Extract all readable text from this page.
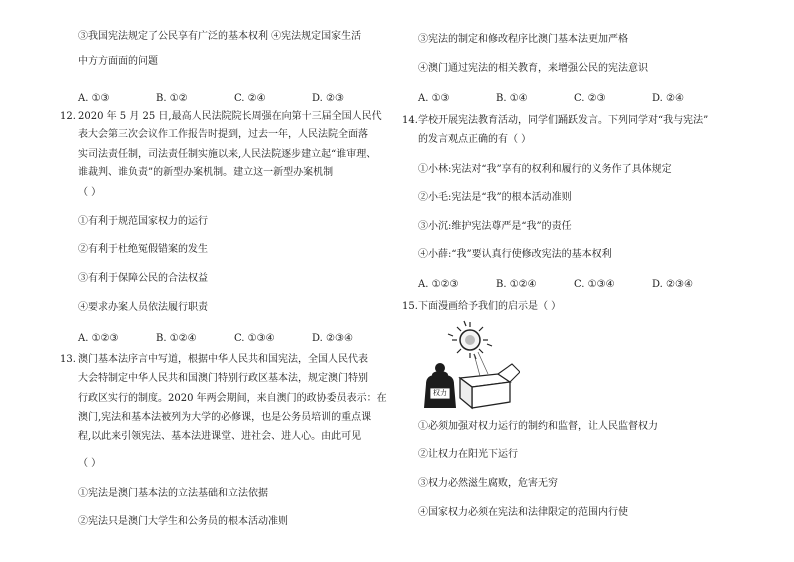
③我国宪法规定了公民享有广泛的基本权利 ④宪法规定国家生活
中方方面面的问题
A. ①③	B. ①②	C. ②④	D. ②③
12. 2020 年 5 月 25 日,最高人民法院院长周强在向第十三届全国人民代
表大会第三次会议作工作报告时提到，过去一年，人民法院全面落
实司法责任制，司法责任制实施以来,人民法院逐步建立起“谁审理、
谁裁判、谁负责”的新型办案机制。建立这一新型办案机制
（ ）
①有利于规范国家权力的运行
②有利于杜绝冤假错案的发生
③有利于保障公民的合法权益
④要求办案人员依法履行职责
A. ①②③	B. ①②④	C. ①③④	D. ②③④
13. 澳门基本法序言中写道，根据中华人民共和国宪法，全国人民代表
大会特制定中华人民共和国澳门特别行政区基本法，规定澳门特别
行政区实行的制度。2020 年两会期间，来自澳门的政协委员表示：在
澳门,宪法和基本法被列为大学的必修课，也是公务员培训的重点课
程,以此来引领宪法、基本法进课堂、进社会、进人心。由此可见
（ ）
①宪法是澳门基本法的立法基础和立法依据
②宪法只是澳门大学生和公务员的根本活动准则
③宪法的制定和修改程序比澳门基本法更加严格
④澳门通过宪法的相关教育，来增强公民的宪法意识
A. ①③	B. ①④	C. ②③	D. ②④
14. 学校开展宪法教育活动，同学们踊跃发言。下列同学对“我与宪法”
的发言观点正确的有（ ）
①小林:宪法对“我”享有的权利和履行的义务作了具体规定
②小毛:宪法是“我”的根本活动准则
③小沉:维护宪法尊严是“我”的责任
④小薛:“我”要认真行使修改宪法的基本权利
A. ①②③	B. ①②④	C. ①③④	D. ②③④
15. 下面漫画给予我们的启示是（ ）
权力
①必须加强对权力运行的制约和监督，让人民监督权力
②让权力在阳光下运行
③权力必然滋生腐败，危害无穷
④国家权力必须在宪法和法律限定的范围内行使
